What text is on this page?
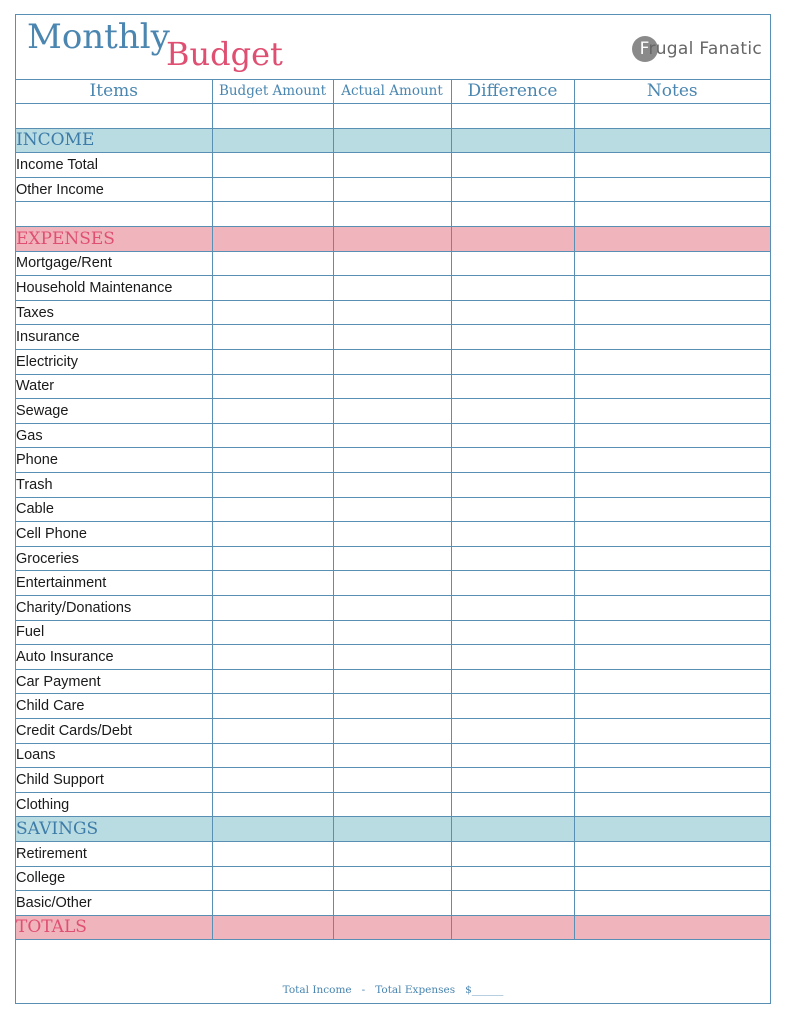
Monthly
Budget	Frugal Fanatic
Items	Budget Amount	Actual Amount	Difference	Notes

INCOME				
Income Total				
Other Income				

EXPENSES				
Mortgage/Rent				
Household Maintenance				
Taxes				
Insurance				
Electricity				
Water				
Sewage				
Gas				
Phone				
Trash				
Cable				
Cell Phone				
Groceries				
Entertainment				
Charity/Donations				
Fuel				
Auto Insurance				
Car Payment				
Child Care				
Credit Cards/Debt				
Loans				
Child Support				
Clothing				
SAVINGS				
Retirement				
College				
Basic/Other				
TOTALS				
Total Income - Total Expenses $______
